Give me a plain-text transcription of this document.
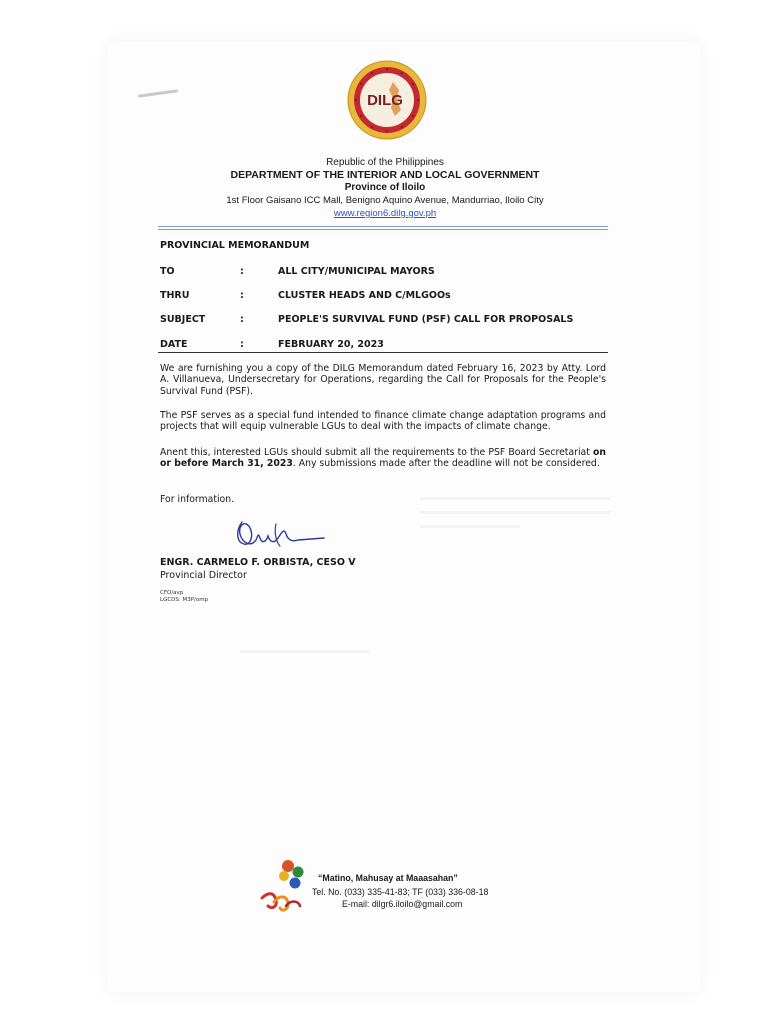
DILG
Republic of the Philippines
DEPARTMENT OF THE INTERIOR AND LOCAL GOVERNMENT
Province of Iloilo
1st Floor Gaisano ICC Mall, Benigno Aquino Avenue, Mandurriao, Iloilo City
www.region6.dilg.gov.ph
PROVINCIAL MEMORANDUM
TO	:	ALL CITY/MUNICIPAL MAYORS
THRU	:	CLUSTER HEADS AND C/MLGOOs
SUBJECT	:	PEOPLE'S SURVIVAL FUND (PSF) CALL FOR PROPOSALS
DATE	:	FEBRUARY 20, 2023
We are furnishing you a copy of the DILG Memorandum dated February 16, 2023 by Atty. Lord A. Villanueva, Undersecretary for Operations, regarding the Call for Proposals for the People's Survival Fund (PSF).
The PSF serves as a special fund intended to finance climate change adaptation programs and projects that will equip vulnerable LGUs to deal with the impacts of climate change.
Anent this, interested LGUs should submit all the requirements to the PSF Board Secretariat on or before March 31, 2023. Any submissions made after the deadline will not be considered.
For information.
ENGR. CARMELO F. ORBISTA, CESO V
Provincial Director
CFO/avp
LGCDS: M3P/omp
“Matino, Mahusay at Maaasahan”
Tel. No. (033) 335-41-83; TF (033) 336-08-18
E-mail: dilgr6.iloilo@gmail.com
